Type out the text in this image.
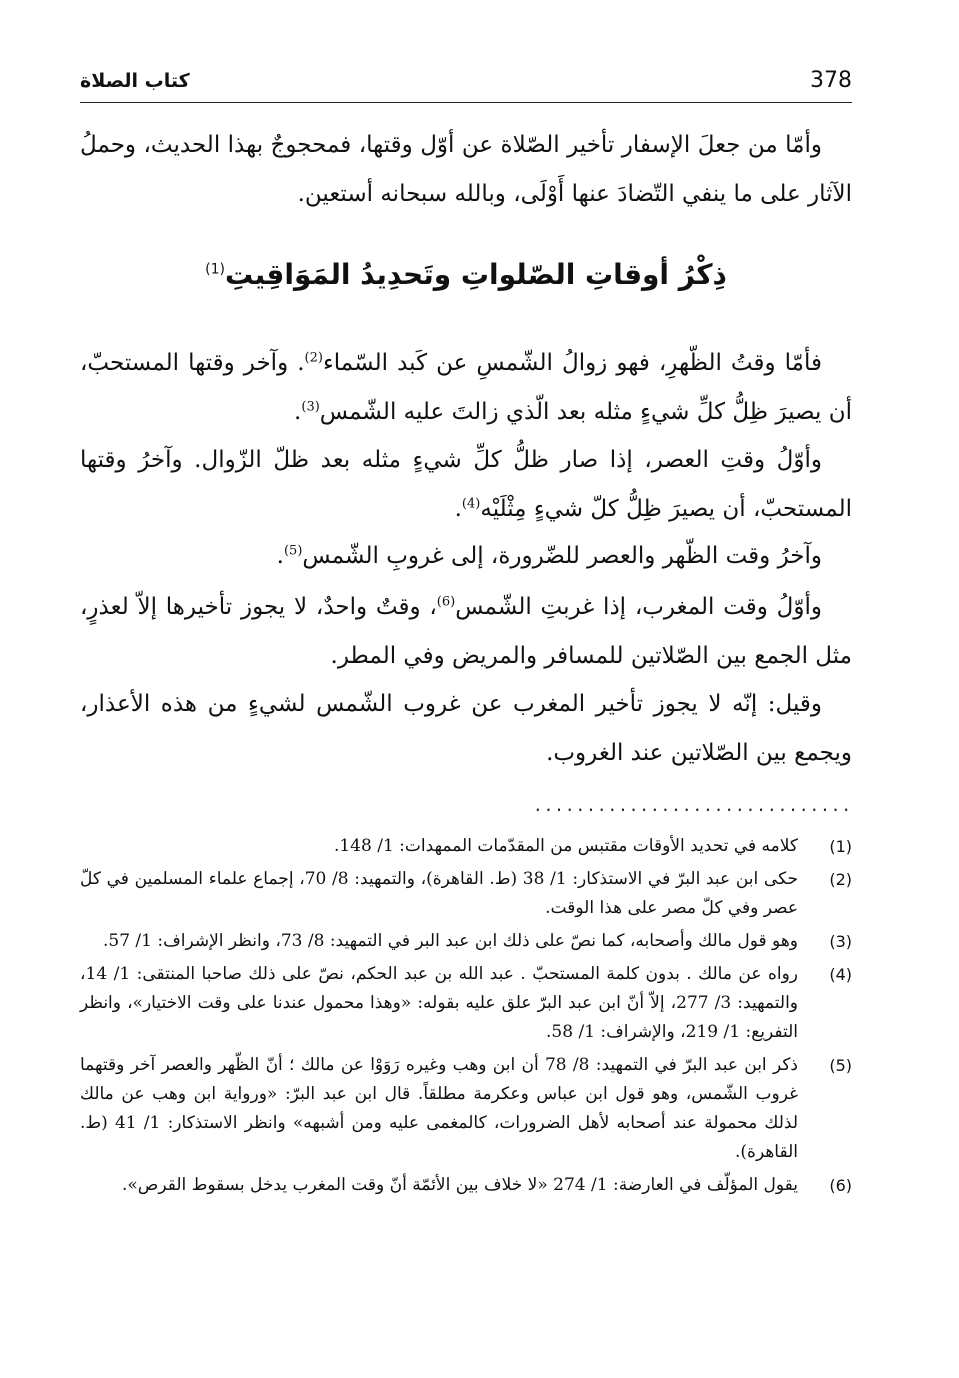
378
كتاب الصلاة
وأمّا من جعلَ الإسفار تأخير الصّلاة عن أوّل وقتها، فمحجوجٌ بهذا الحديث، وحملُ الآثار على ما ينفي التّضادَ عنها أَوْلَى، وبالله سبحانه أستعين.
ذِكْرُ أوقاتِ الصّلواتِ وتَحدِيدُ المَوَاقِيتِ$^{(1)}$
فأمّا وقتُ الظّهرِ، فهو زوالُ الشّمسِ عن كَبد السّماء$^{(2)}$. وآخر وقتها المستحبّ، أن يصيرَ ظِلُّ كلِّ شيءٍ مثله بعد الّذي زالتَ عليه الشّمس$^{(3)}$.
وأوّلُ وقتِ العصر، إذا صار ظلُّ كلِّ شيءٍ مثله بعد ظلّ الزّوال. وآخرُ وقتها المستحبّ، أن يصيرَ ظِلُّ كلّ شيءٍ مِثْلَيْه$^{(4)}$.
وآخرُ وقت الظّهر والعصر للضّرورة، إلى غروبِ الشّمس$^{(5)}$.
وأوّلُ وقت المغرب، إذا غربتِ الشّمس$^{(6)}$، وقتٌ واحدٌ، لا يجوز تأخيرها إلاّ لعذرٍ، مثل الجمع بين الصّلاتين للمسافر والمريض وفي المطر.
وقيل: إنّه لا يجوز تأخير المغرب عن غروب الشّمس لشيءٍ من هذه الأعذار، ويجمع بين الصّلاتين عند الغروب.
..............................
(1)
كلامه في تحديد الأوقات مقتبس من المقدّمات الممهدات: 1/ 148.
(2)
حكى ابن عبد البرّ في الاستذكار: 1/ 38 (ط. القاهرة)، والتمهيد: 8/ 70، إجماع علماء المسلمين في كلّ عصر وفي كلّ مصر على هذا الوقت.
(3)
وهو قول مالك وأصحابه، كما نصّ على ذلك ابن عبد البر في التمهيد: 8/ 73، وانظر الإشراف: 1/ 57.
(4)
رواه عن مالك . بدون كلمة المستحبّ . عبد الله بن عبد الحكم، نصّ على ذلك صاحبا المنتقى: 1/ 14، والتمهيد: 3/ 277، إلاّ أنّ ابن عبد البرّ علق عليه بقوله: «وهذا محمول عندنا على وقت الاختيار»، وانظر التفريع: 1/ 219، والإشراف: 1/ 58.
(5)
ذكر ابن عبد البرّ في التمهيد: 8/ 78 أن ابن وهب وغيره رَوَوْا عن مالك ؛ أنّ الظّهر والعصر آخر وقتهما غروب الشّمس، وهو قول ابن عباس وعكرمة مطلقاً. قال ابن عبد البرّ: «ورواية ابن وهب عن مالك لذلك محمولة عند أصحابه لأهل الضرورات، كالمغمى عليه ومن أشبهه» وانظر الاستذكار: 1/ 41 (ط. القاهرة).
(6)
يقول المؤلّف في العارضة: 1/ 274 «لا خلاف بين الأئمّة أنّ وقت المغرب يدخل بسقوط القرص».
